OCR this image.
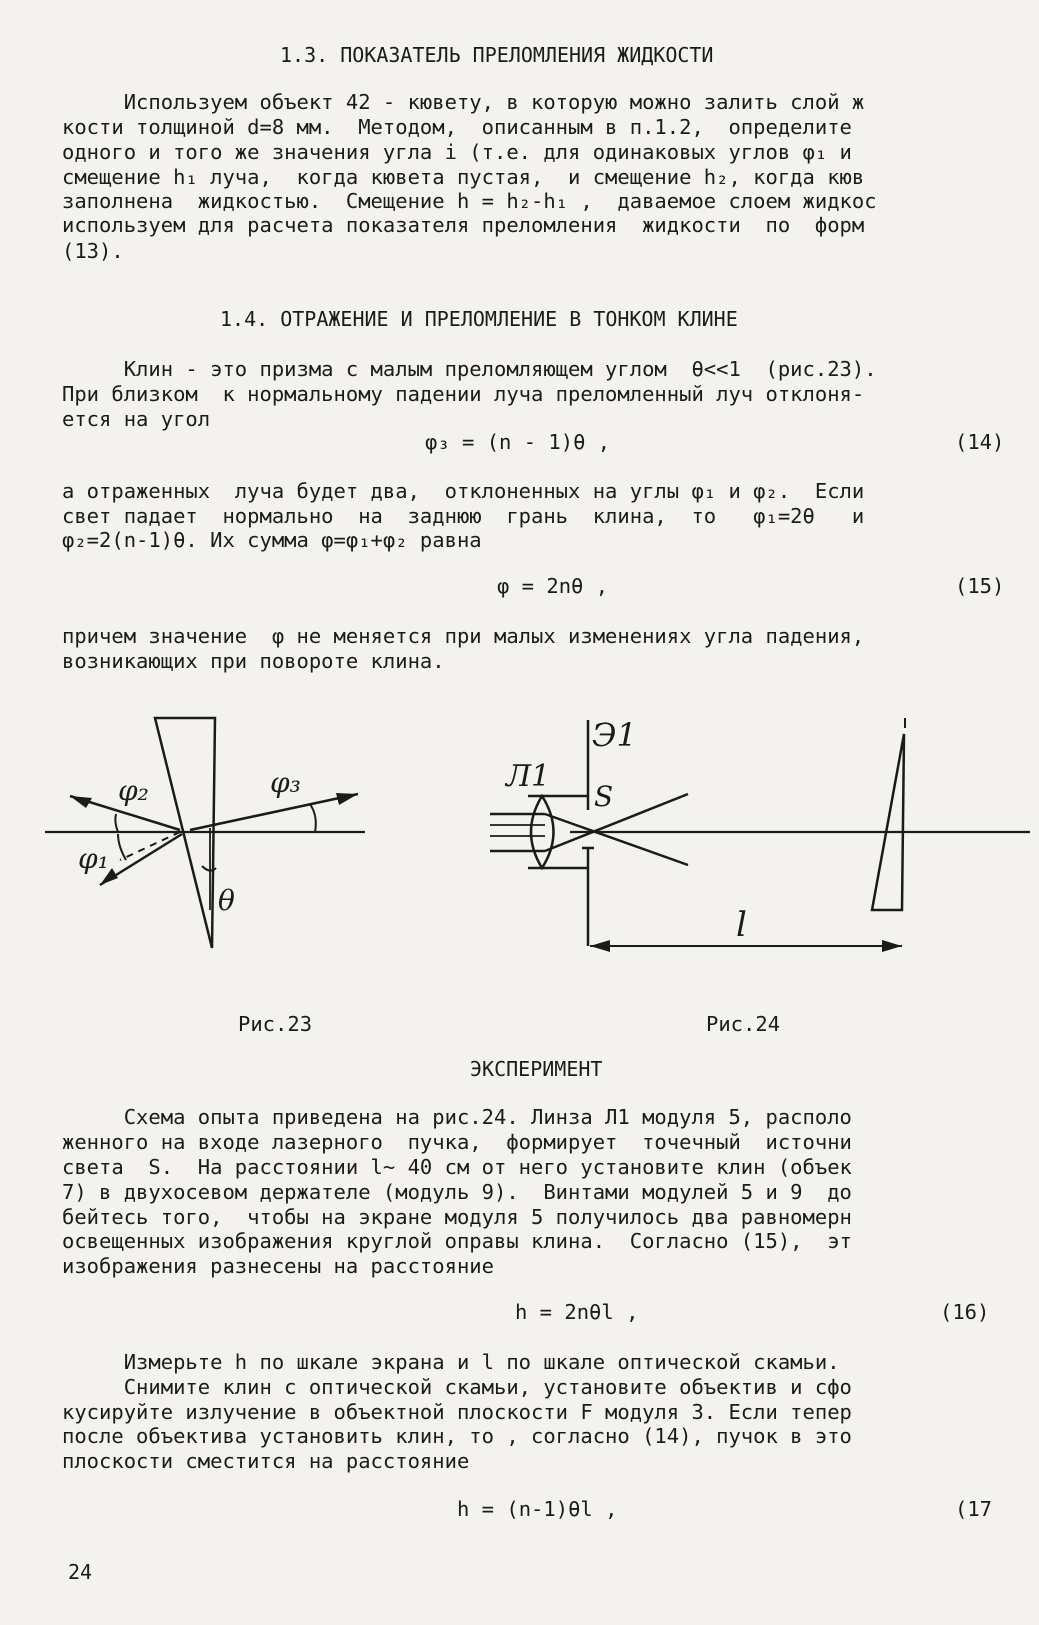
1.3. ПОКАЗАТЕЛЬ ПРЕЛОМЛЕНИЯ ЖИДКОСТИ

Используем объект 42 - кювету, в которую можно залить слой ж

кости толщиной d=8 мм.  Методом,  описанным в п.1.2,  определите

одного и того же значения угла i (т.е. для одинаковых углов φ₁ и

смещение h₁ луча,  когда кювета пустая,  и смещение h₂, когда кюв

заполнена  жидкостью.  Смещение h = h₂-h₁ ,  даваемое слоем жидкос

используем для расчета показателя преломления  жидкости  по  форм

(13).

1.4. ОТРАЖЕНИЕ И ПРЕЛОМЛЕНИЕ В ТОНКОМ КЛИНЕ

Клин - это призма с малым преломляющем углом  θ<<1  (рис.23).

При близком  к нормальному падении луча преломленный луч отклоня-

ется на угол

φ₃ = (n - 1)θ ,	(14)

а отраженных  луча будет два,  отклоненных на углы φ₁ и φ₂.  Если

свет падает  нормально  на  заднюю  грань  клина,  то   φ₁=2θ   и

φ₂=2(n-1)θ. Их сумма φ=φ₁+φ₂ равна

φ = 2nθ ,	(15)

причем значение  φ не меняется при малых изменениях угла падения,

возникающих при повороте клина.

φ₂
φ₁
φ₃
θ
Л1
Э1
S
l
Рис.23	Рис.24
ЭКСПЕРИМЕНТ

Схема опыта приведена на рис.24. Линза Л1 модуля 5, располо

женного на входе лазерного  пучка,  формирует  точечный  источни

света  S.  На расстоянии l~ 40 см от него установите клин (объек

7) в двухосевом держателе (модуль 9).  Винтами модулей 5 и 9  до

бейтесь того,  чтобы на экране модуля 5 получилось два равномерн

освещенных изображения круглой оправы клина.  Согласно (15),  эт

изображения разнесены на расстояние

h = 2nθl ,	(16)

Измерьте h по шкале экрана и l по шкале оптической скамьи.

Снимите клин с оптической скамьи, установите объектив и сфо

кусируйте излучение в объектной плоскости F модуля 3. Если тепер

после объектива установить клин, то , согласно (14), пучок в это

плоскости сместится на расстояние

h = (n-1)θl ,	(17
24
